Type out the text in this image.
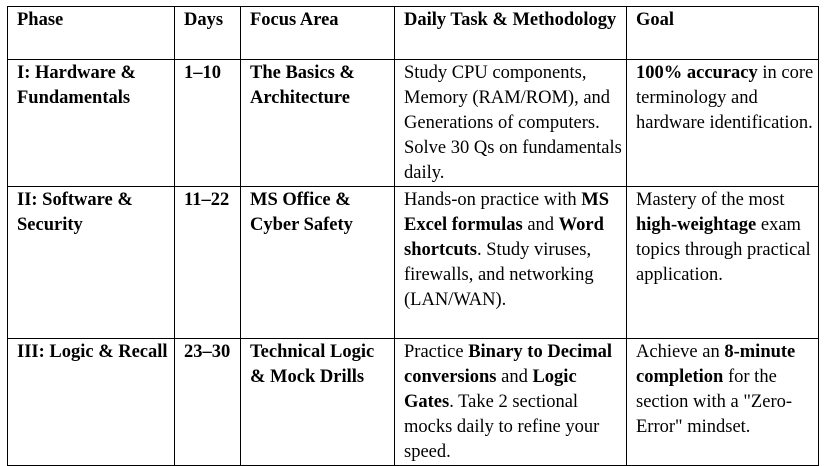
Phase	Days	Focus Area	Daily Task & Methodology	Goal
I: Hardware & Fundamentals	1–10	The Basics & Architecture	Study CPU components, Memory (RAM/ROM), and Generations of computers. Solve 30 Qs on fundamentals daily.	100% accuracy in core terminology and hardware identification.
II: Software & Security	11–22	MS Office & Cyber Safety	Hands-on practice with MS Excel formulas and Word shortcuts. Study viruses, firewalls, and networking (LAN/WAN).	Mastery of the most high-weightage exam topics through practical application.
III: Logic & Recall	23–30	Technical Logic & Mock Drills	Practice Binary to Decimal conversions and Logic Gates. Take 2 sectional mocks daily to refine your speed.	Achieve an 8-minute completion for the section with a "Zero-Error" mindset.
